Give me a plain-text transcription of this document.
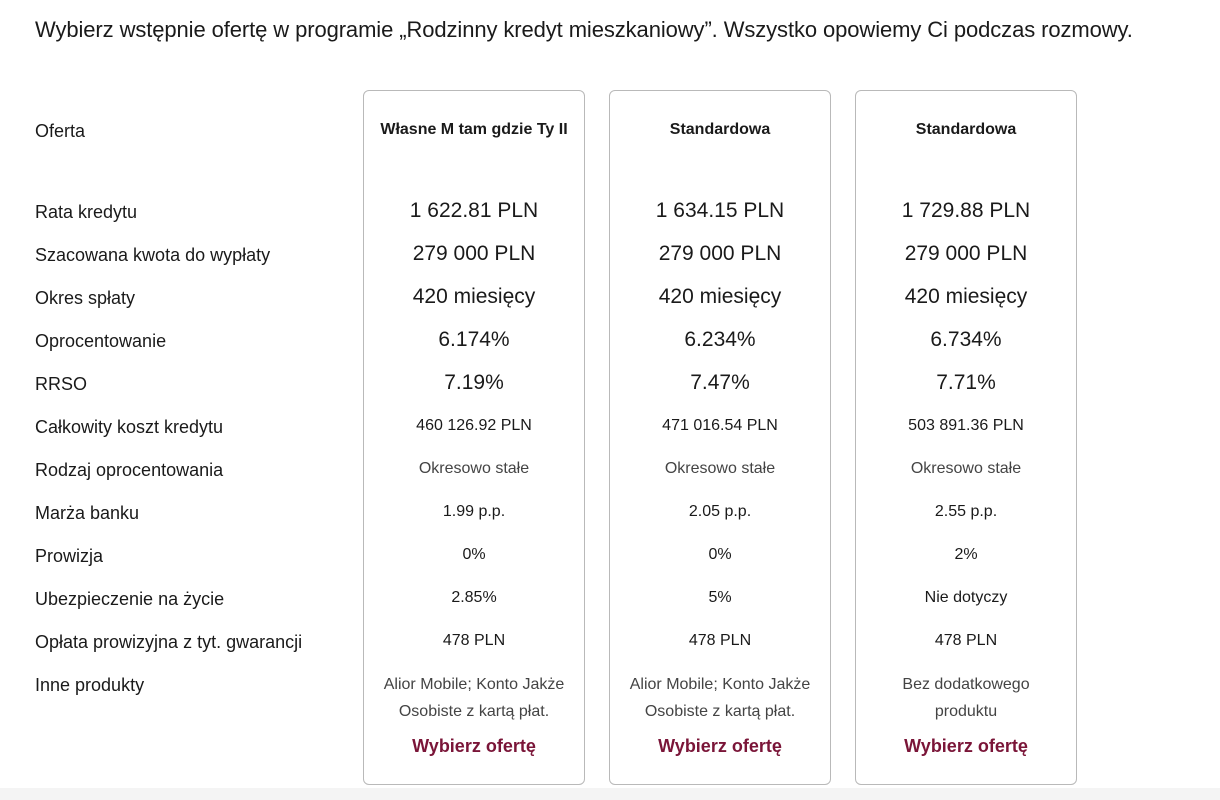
Wybierz wstępnie ofertę w programie „Rodzinny kredyt mieszkaniowy”. Wszystko opowiemy Ci podczas rozmowy.
Oferta
Rata kredytu
Szacowana kwota do wypłaty
Okres spłaty
Oprocentowanie
RRSO
Całkowity koszt kredytu
Rodzaj oprocentowania
Marża banku
Prowizja
Ubezpieczenie na życie
Opłata prowizyjna z tyt. gwarancji
Inne produkty
Własne M tam gdzie Ty II
1 622.81 PLN
279 000 PLN
420 miesięcy
6.174%
7.19%
460 126.92 PLN
Okresowo stałe
1.99 p.p.
0%
2.85%
478 PLN
Alior Mobile; Konto Jakże Osobiste z kartą płat.
Wybierz ofertę
Standardowa
1 634.15 PLN
279 000 PLN
420 miesięcy
6.234%
7.47%
471 016.54 PLN
Okresowo stałe
2.05 p.p.
0%
5%
478 PLN
Alior Mobile; Konto Jakże Osobiste z kartą płat.
Wybierz ofertę
Standardowa
1 729.88 PLN
279 000 PLN
420 miesięcy
6.734%
7.71%
503 891.36 PLN
Okresowo stałe
2.55 p.p.
2%
Nie dotyczy
478 PLN
Bez dodatkowego produktu
Wybierz ofertę
